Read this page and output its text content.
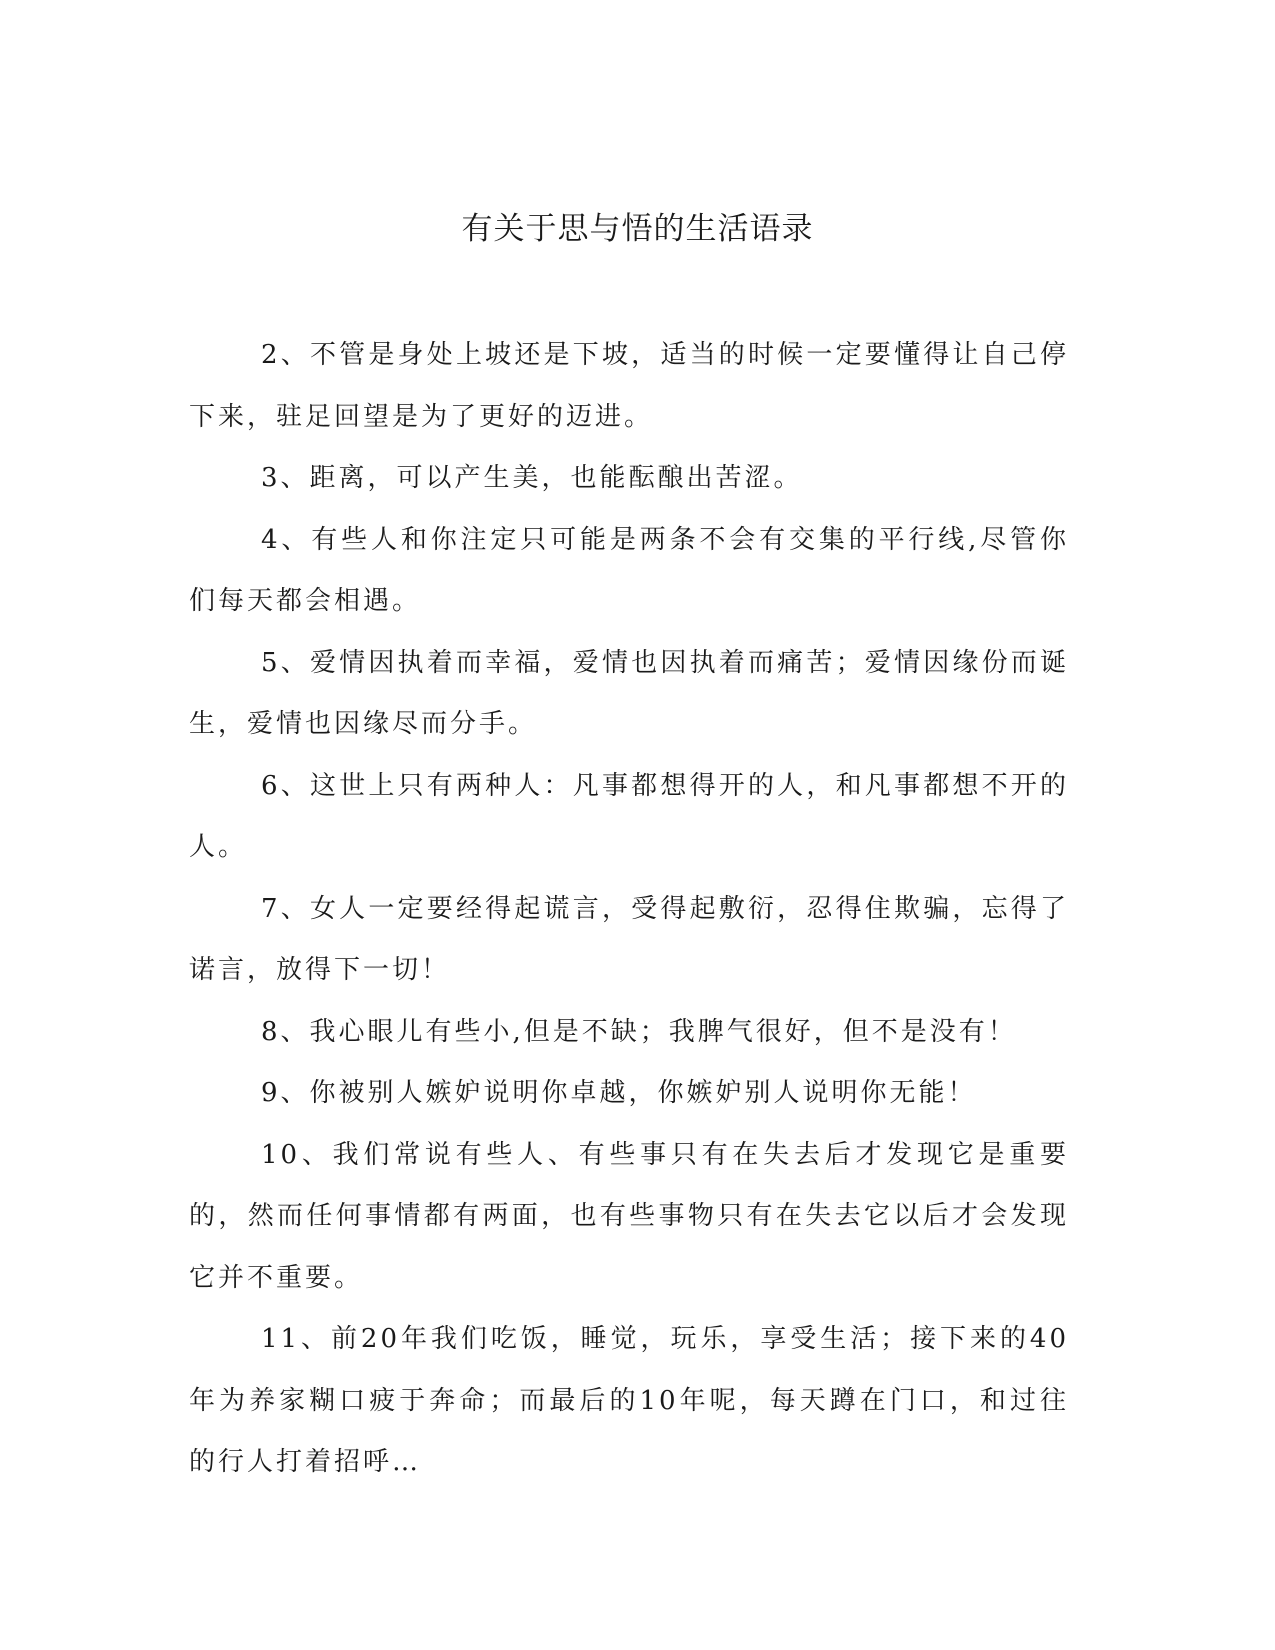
有关于思与悟的生活语录

2、不管是身处上坡还是下坡，适当的时候一定要懂得让自己停下来，驻足回望是为了更好的迈进。

3、距离，可以产生美，也能酝酿出苦涩。

4、有些人和你注定只可能是两条不会有交集的平行线,尽管你们每天都会相遇。

5、爱情因执着而幸福，爱情也因执着而痛苦；爱情因缘份而诞生，爱情也因缘尽而分手。

6、这世上只有两种人：凡事都想得开的人，和凡事都想不开的人。

7、女人一定要经得起谎言，受得起敷衍，忍得住欺骗，忘得了诺言，放得下一切！

8、我心眼儿有些小,但是不缺；我脾气很好，但不是没有！

9、你被别人嫉妒说明你卓越，你嫉妒别人说明你无能！

10、我们常说有些人、有些事只有在失去后才发现它是重要的，然而任何事情都有两面，也有些事物只有在失去它以后才会发现它并不重要。

11、前20年我们吃饭，睡觉，玩乐，享受生活；接下来的40年为养家糊口疲于奔命；而最后的10年呢，每天蹲在门口，和过往的行人打着招呼…
